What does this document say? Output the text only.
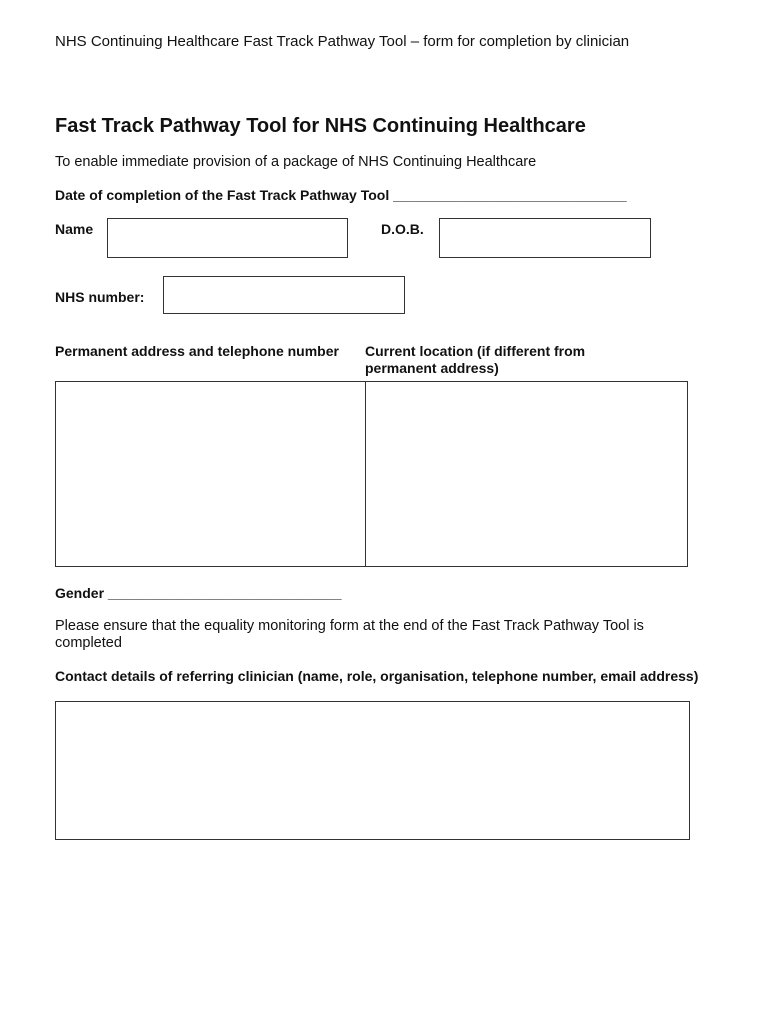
NHS Continuing Healthcare Fast Track Pathway Tool – form for completion by clinician
Fast Track Pathway Tool for NHS Continuing Healthcare
To enable immediate provision of a package of NHS Continuing Healthcare
Date of completion of the Fast Track Pathway Tool ______________________________
Name	D.O.B.
NHS number:
Permanent address and telephone number	Current location (if different from permanent address)
Gender ______________________________
Please ensure that the equality monitoring form at the end of the Fast Track Pathway Tool is completed
Contact details of referring clinician (name, role, organisation, telephone number, email address)
